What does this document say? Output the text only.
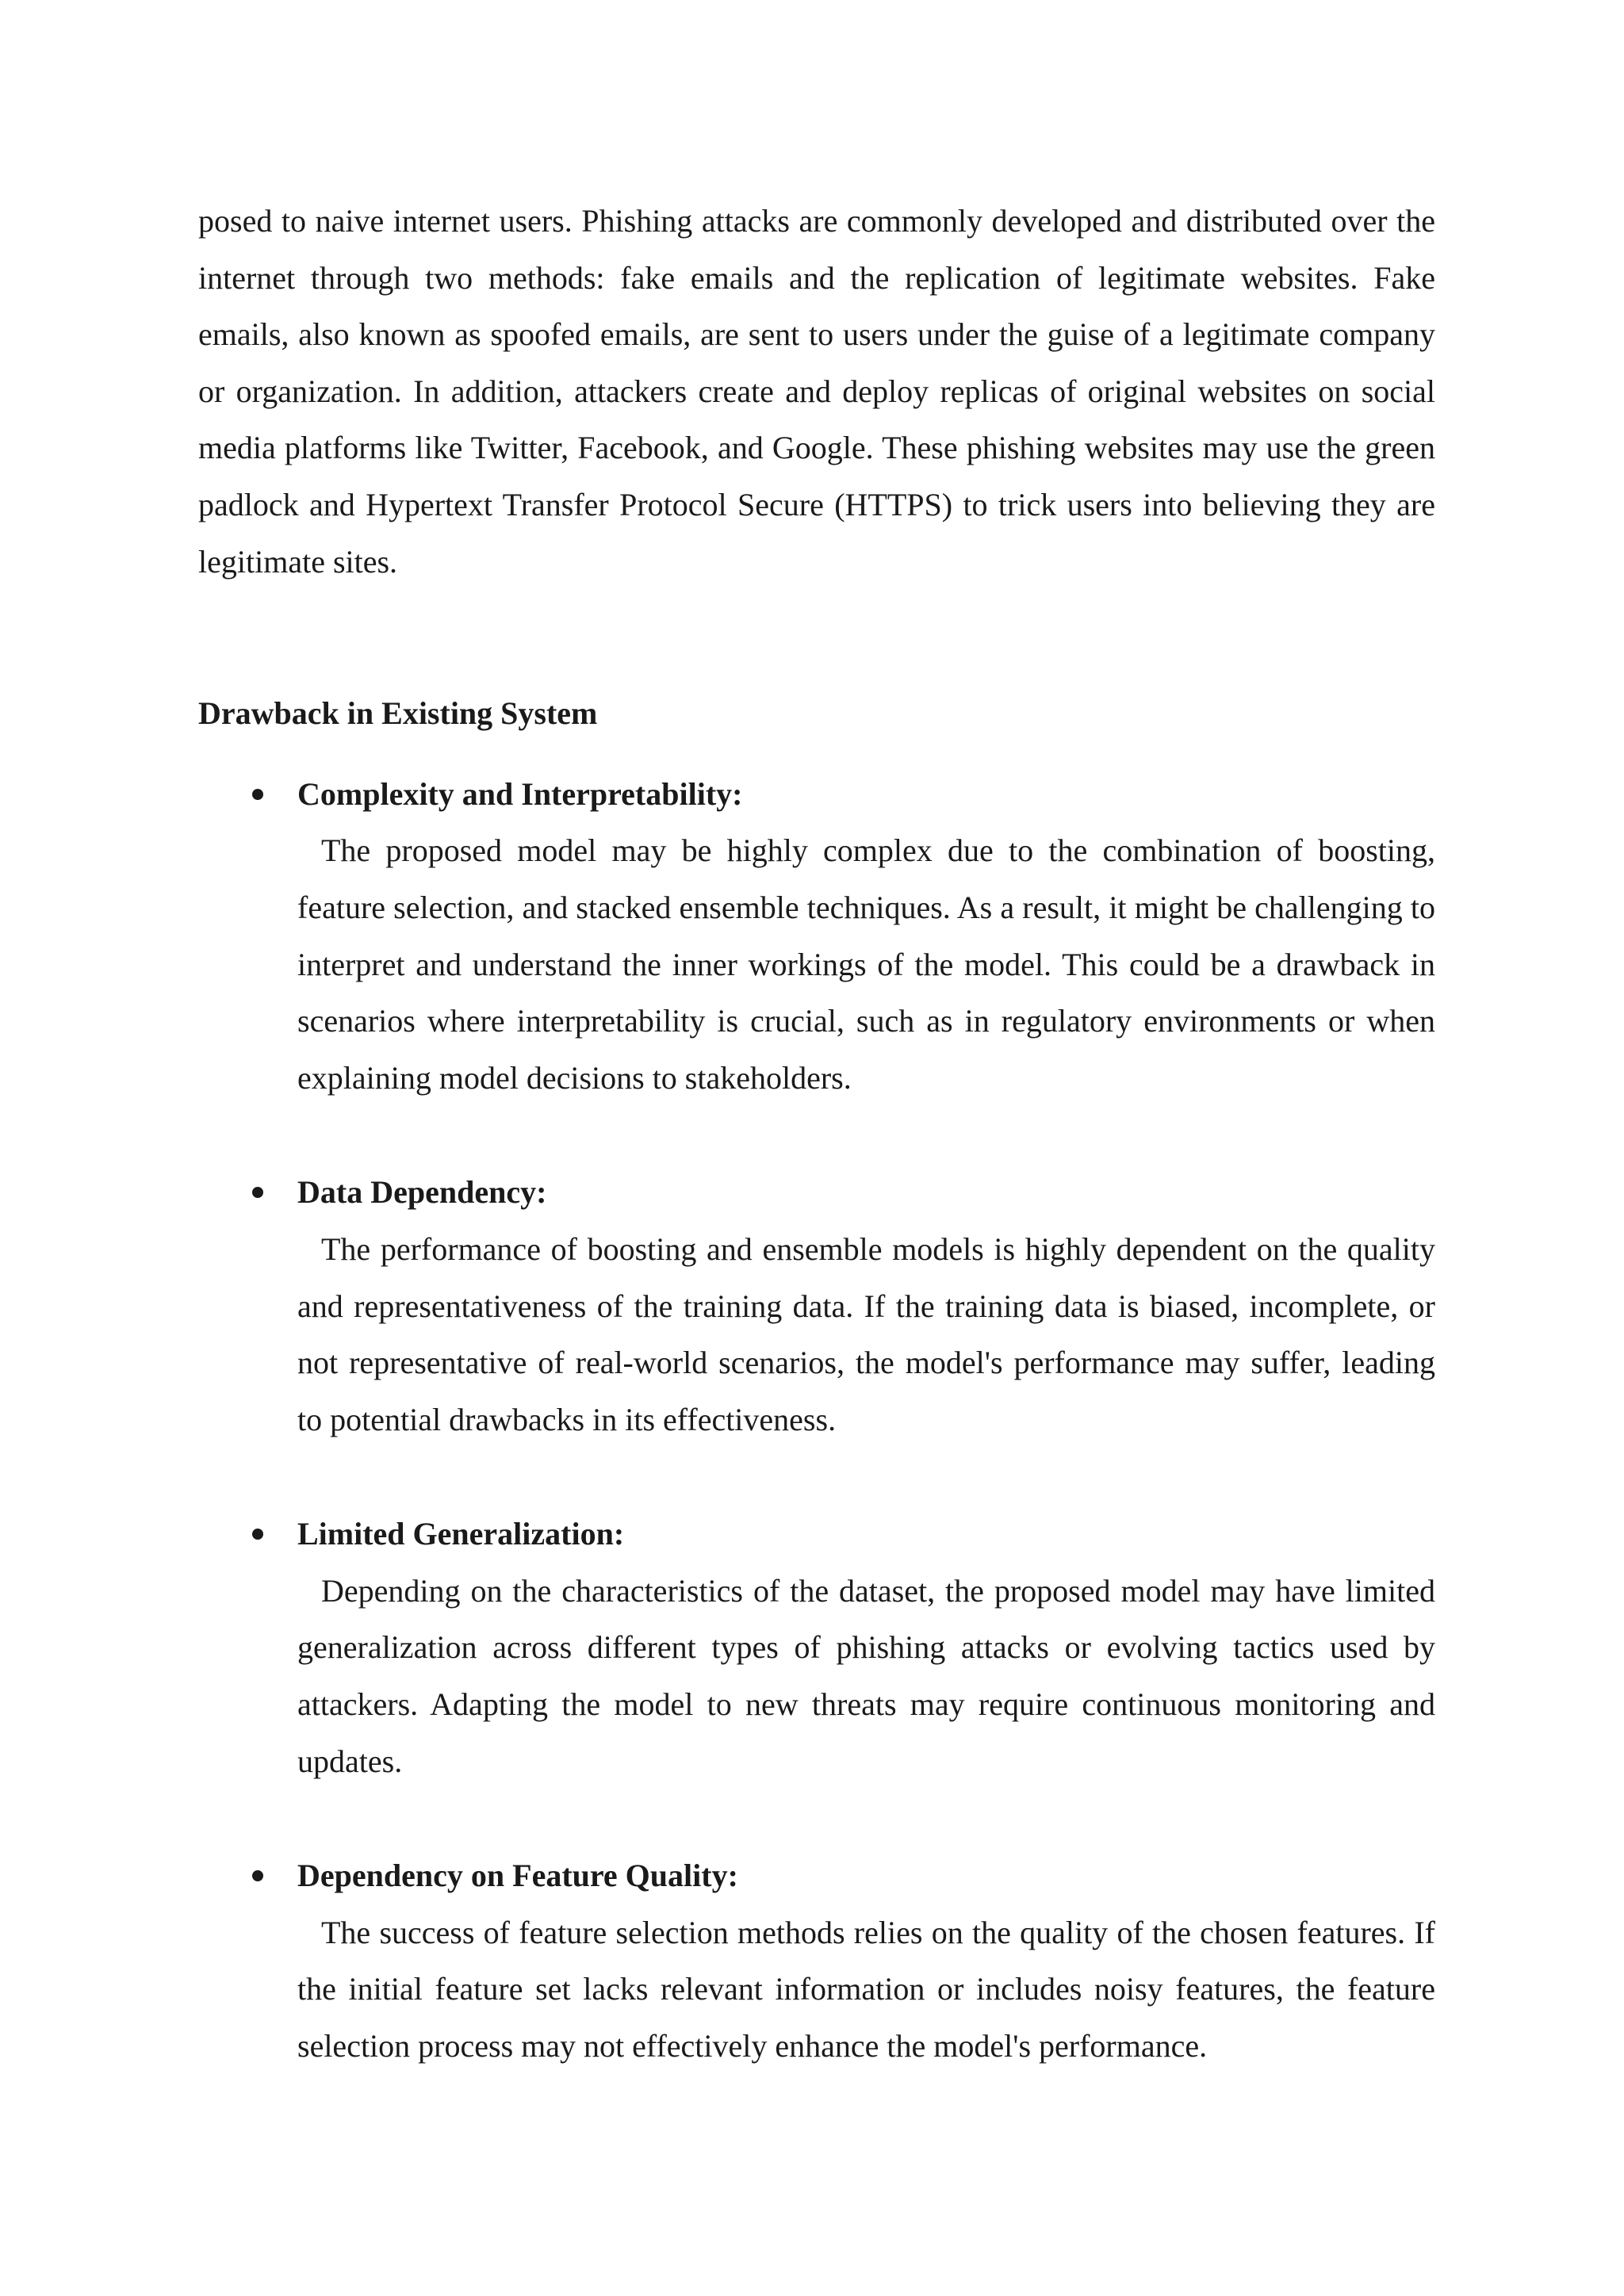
posed to naive internet users. Phishing attacks are commonly developed and distributed over the internet through two methods: fake emails and the replication of legitimate websites. Fake emails, also known as spoofed emails, are sent to users under the guise of a legitimate company or organization. In addition, attackers create and deploy replicas of original websites on social media platforms like Twitter, Facebook, and Google. These phishing websites may use the green padlock and Hypertext Transfer Protocol Secure (HTTPS) to trick users into believing they are legitimate sites.

Drawback in Existing System

Complexity and Interpretability:

The proposed model may be highly complex due to the combination of boosting, feature selection, and stacked ensemble techniques. As a result, it might be challenging to interpret and understand the inner workings of the model. This could be a drawback in scenarios where interpretability is crucial, such as in regulatory environments or when explaining model decisions to stakeholders.

Data Dependency:

The performance of boosting and ensemble models is highly dependent on the quality and representativeness of the training data. If the training data is biased, incomplete, or not representative of real-world scenarios, the model's performance may suffer, leading to potential drawbacks in its effectiveness.

Limited Generalization:

Depending on the characteristics of the dataset, the proposed model may have limited generalization across different types of phishing attacks or evolving tactics used by attackers. Adapting the model to new threats may require continuous monitoring and updates.

Dependency on Feature Quality:

The success of feature selection methods relies on the quality of the chosen features. If the initial feature set lacks relevant information or includes noisy features, the feature selection process may not effectively enhance the model's performance.
